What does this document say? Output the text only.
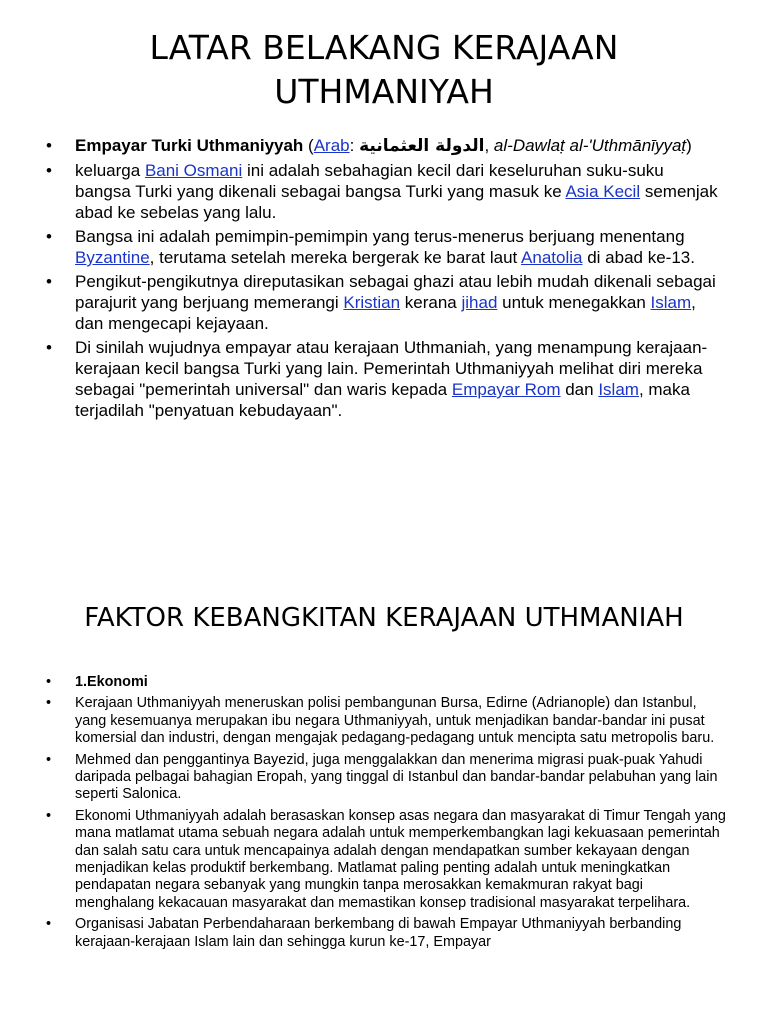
LATAR BELAKANG KERAJAAN UTHMANIYAH
• Empayar Turki Uthmaniyyah (Arab: الدولة العثمانية, al-Dawlaṭ al-'Uthmānīyyaṭ)
• keluarga Bani Osmani ini adalah sebahagian kecil dari keseluruhan suku-suku bangsa Turki yang dikenali sebagai bangsa Turki yang masuk ke Asia Kecil semenjak abad ke sebelas yang lalu.
• Bangsa ini adalah pemimpin-pemimpin yang terus-menerus berjuang menentang Byzantine, terutama setelah mereka bergerak ke barat laut Anatolia di abad ke-13.
• Pengikut-pengikutnya direputasikan sebagai ghazi atau lebih mudah dikenali sebagai parajurit yang berjuang memerangi Kristian kerana jihad untuk menegakkan Islam, dan mengecapi kejayaan.
• Di sinilah wujudnya empayar atau kerajaan Uthmaniah, yang menampung kerajaan-kerajaan kecil bangsa Turki yang lain. Pemerintah Uthmaniyyah melihat diri mereka sebagai "pemerintah universal" dan waris kepada Empayar Rom dan Islam, maka terjadilah "penyatuan kebudayaan".
FAKTOR KEBANGKITAN KERAJAAN UTHMANIAH
• 1.Ekonomi
• Kerajaan Uthmaniyyah meneruskan polisi pembangunan Bursa, Edirne (Adrianople) dan Istanbul, yang kesemuanya merupakan ibu negara Uthmaniyyah, untuk menjadikan bandar-bandar ini pusat komersial dan industri, dengan mengajak pedagang-pedagang untuk mencipta satu metropolis baru.
• Mehmed dan penggantinya Bayezid, juga menggalakkan dan menerima migrasi puak-puak Yahudi daripada pelbagai bahagian Eropah, yang tinggal di Istanbul dan bandar-bandar pelabuhan yang lain seperti Salonica.
• Ekonomi Uthmaniyyah adalah berasaskan konsep asas negara dan masyarakat di Timur Tengah yang mana matlamat utama sebuah negara adalah untuk memperkembangkan lagi kekuasaan pemerintah dan salah satu cara untuk mencapainya adalah dengan mendapatkan sumber kekayaan dengan menjadikan kelas produktif berkembang. Matlamat paling penting adalah untuk meningkatkan pendapatan negara sebanyak yang mungkin tanpa merosakkan kemakmuran rakyat bagi menghalang kekacauan masyarakat dan memastikan konsep tradisional masyarakat terpelihara.
• Organisasi Jabatan Perbendaharaan berkembang di bawah Empayar Uthmaniyyah berbanding kerajaan-kerajaan Islam lain dan sehingga kurun ke-17, Empayar
